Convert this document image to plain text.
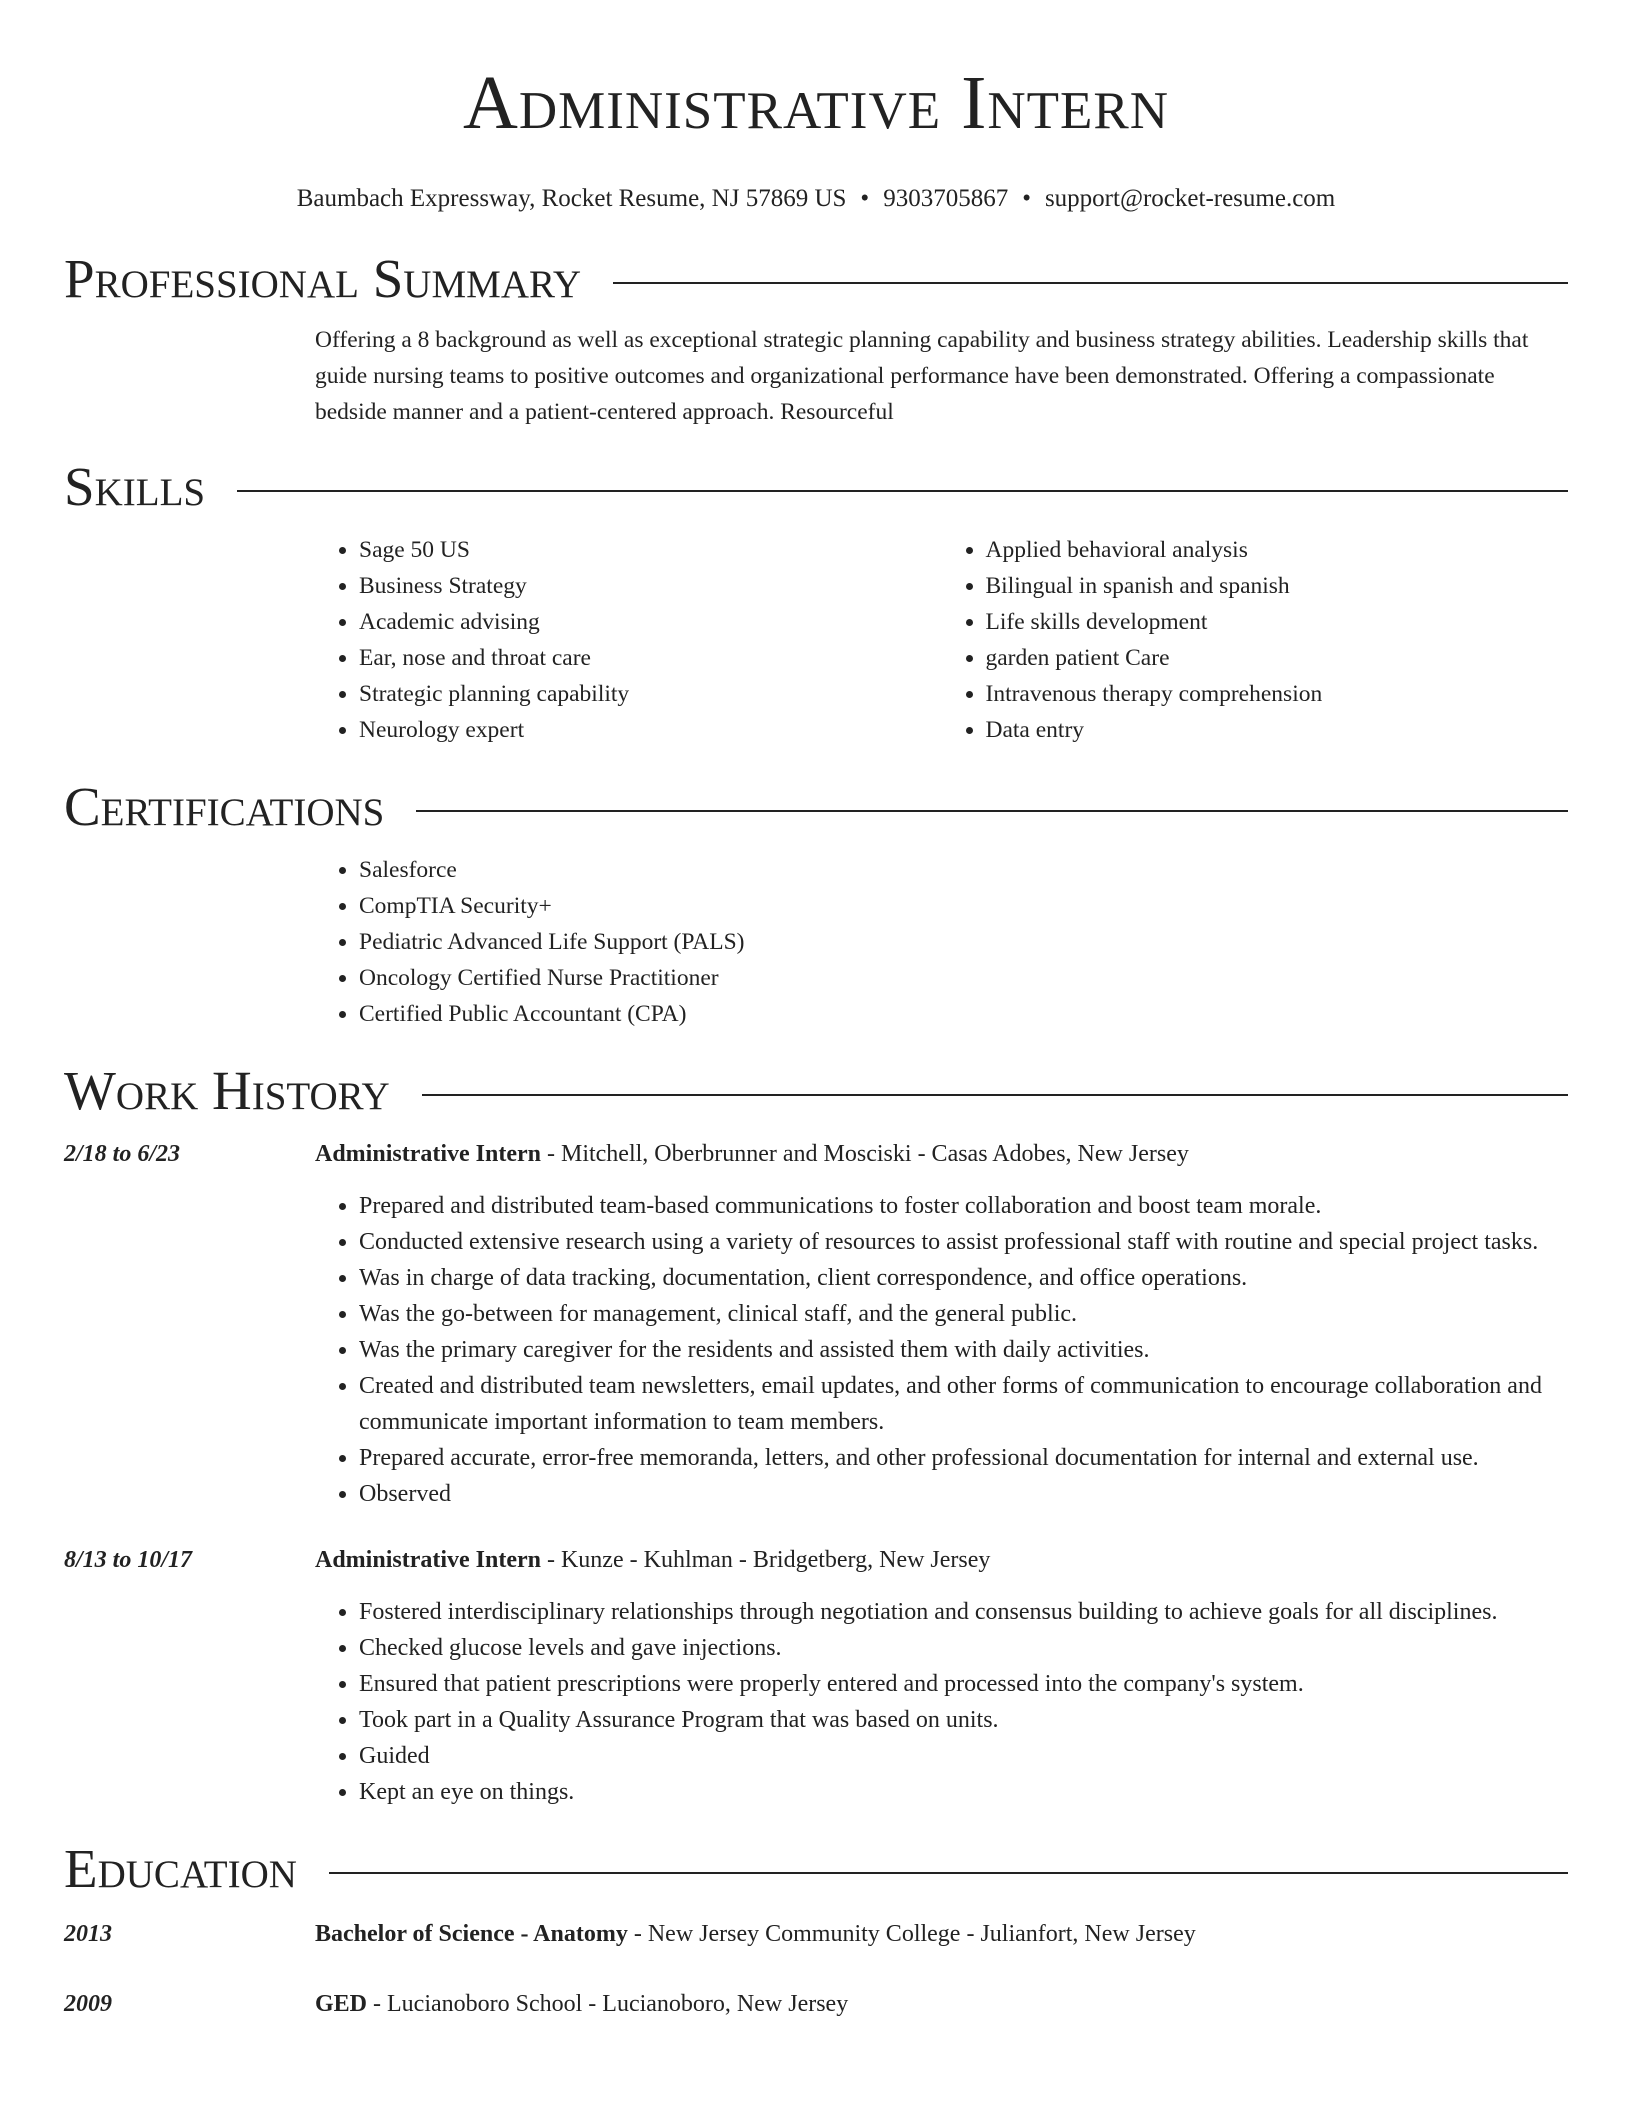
Administrative Intern
Baumbach Expressway, Rocket Resume, NJ 57869 US • 9303705867 • support@rocket-resume.com
Professional Summary
Offering a 8 background as well as exceptional strategic planning capability and business strategy abilities. Leadership skills that guide nursing teams to positive outcomes and organizational performance have been demonstrated. Offering a compassionate bedside manner and a patient-centered approach. Resourceful
Skills
• Sage 50 US
• Business Strategy
• Academic advising
• Ear, nose and throat care
• Strategic planning capability
• Neurology expert
• Applied behavioral analysis
• Bilingual in spanish and spanish
• Life skills development
• garden patient Care
• Intravenous therapy comprehension
• Data entry
Certifications
• Salesforce
• CompTIA Security+
• Pediatric Advanced Life Support (PALS)
• Oncology Certified Nurse Practitioner
• Certified Public Accountant (CPA)
Work History
2/18 to 6/23	Administrative Intern - Mitchell, Oberbrunner and Mosciski - Casas Adobes, New Jersey
• Prepared and distributed team-based communications to foster collaboration and boost team morale.
• Conducted extensive research using a variety of resources to assist professional staff with routine and special project tasks.
• Was in charge of data tracking, documentation, client correspondence, and office operations.
• Was the go-between for management, clinical staff, and the general public.
• Was the primary caregiver for the residents and assisted them with daily activities.
• Created and distributed team newsletters, email updates, and other forms of communication to encourage collaboration and communicate important information to team members.
• Prepared accurate, error-free memoranda, letters, and other professional documentation for internal and external use.
• Observed
8/13 to 10/17	Administrative Intern - Kunze - Kuhlman - Bridgetberg, New Jersey
• Fostered interdisciplinary relationships through negotiation and consensus building to achieve goals for all disciplines.
• Checked glucose levels and gave injections.
• Ensured that patient prescriptions were properly entered and processed into the company's system.
• Took part in a Quality Assurance Program that was based on units.
• Guided
• Kept an eye on things.
Education
2013	Bachelor of Science - Anatomy - New Jersey Community College - Julianfort, New Jersey
2009	GED - Lucianoboro School - Lucianoboro, New Jersey
